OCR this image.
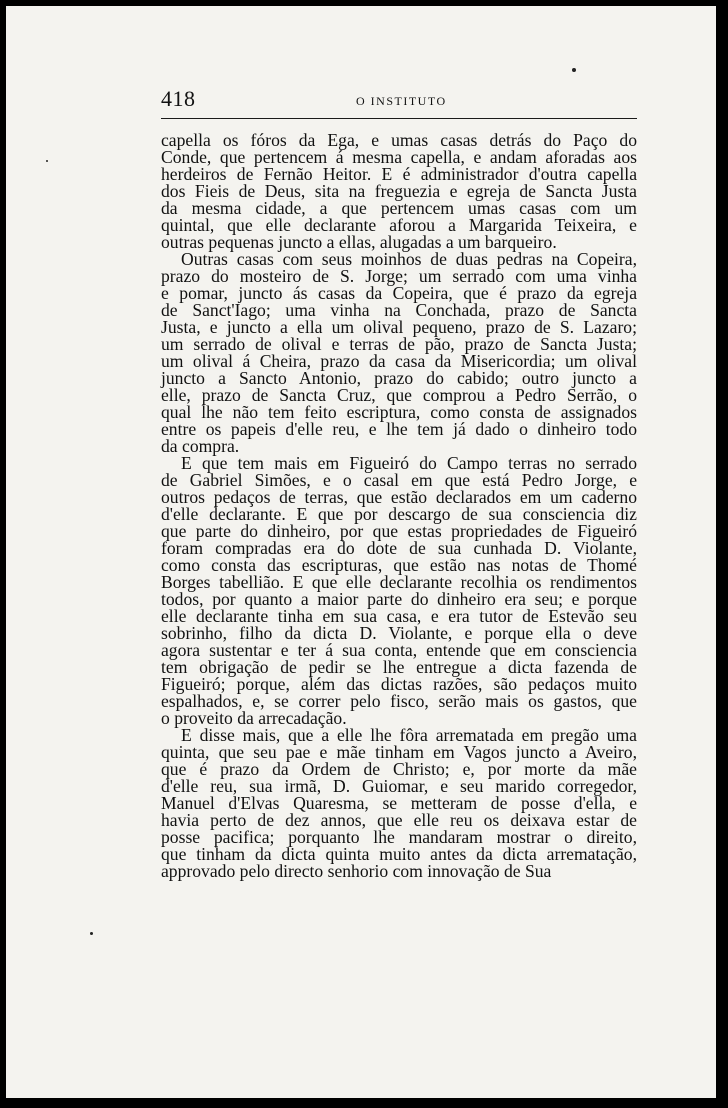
418	O INSTITUTO
capella os fóros da Ega, e umas casas detrás do Paço do
Conde, que pertencem á mesma capella, e andam aforadas aos
herdeiros de Fernão Heitor. E é administrador d'outra capella
dos Fieis de Deus, sita na freguezia e egreja de Sancta Justa
da mesma cidade, a que pertencem umas casas com um
quintal, que elle declarante aforou a Margarida Teixeira, e
outras pequenas juncto a ellas, alugadas a um barqueiro.
Outras casas com seus moinhos de duas pedras na Copeira,
prazo do mosteiro de S. Jorge; um serrado com uma vinha
e pomar, juncto ás casas da Copeira, que é prazo da egreja
de Sanct'Iago; uma vinha na Conchada, prazo de Sancta
Justa, e juncto a ella um olival pequeno, prazo de S. Lazaro;
um serrado de olival e terras de pão, prazo de Sancta Justa;
um olival á Cheira, prazo da casa da Misericordia; um olival
juncto a Sancto Antonio, prazo do cabido; outro juncto a
elle, prazo de Sancta Cruz, que comprou a Pedro Serrão, o
qual lhe não tem feito escriptura, como consta de assignados
entre os papeis d'elle reu, e lhe tem já dado o dinheiro todo
da compra.
E que tem mais em Figueiró do Campo terras no serrado
de Gabriel Simões, e o casal em que está Pedro Jorge, e
outros pedaços de terras, que estão declarados em um caderno
d'elle declarante. E que por descargo de sua consciencia diz
que parte do dinheiro, por que estas propriedades de Figueiró
foram compradas era do dote de sua cunhada D. Violante,
como consta das escripturas, que estão nas notas de Thomé
Borges tabellião. E que elle declarante recolhia os rendimentos
todos, por quanto a maior parte do dinheiro era seu; e porque
elle declarante tinha em sua casa, e era tutor de Estevão seu
sobrinho, filho da dicta D. Violante, e porque ella o deve
agora sustentar e ter á sua conta, entende que em consciencia
tem obrigação de pedir se lhe entregue a dicta fazenda de
Figueiró; porque, além das dictas razões, são pedaços muito
espalhados, e, se correr pelo fisco, serão mais os gastos, que
o proveito da arrecadação.
E disse mais, que a elle lhe fôra arrematada em pregão uma
quinta, que seu pae e mãe tinham em Vagos juncto a Aveiro,
que é prazo da Ordem de Christo; e, por morte da mãe
d'elle reu, sua irmã, D. Guiomar, e seu marido corregedor,
Manuel d'Elvas Quaresma, se metteram de posse d'ella, e
havia perto de dez annos, que elle reu os deixava estar de
posse pacifica; porquanto lhe mandaram mostrar o direito,
que tinham da dicta quinta muito antes da dicta arrematação,
approvado pelo directo senhorio com innovação de Sua
